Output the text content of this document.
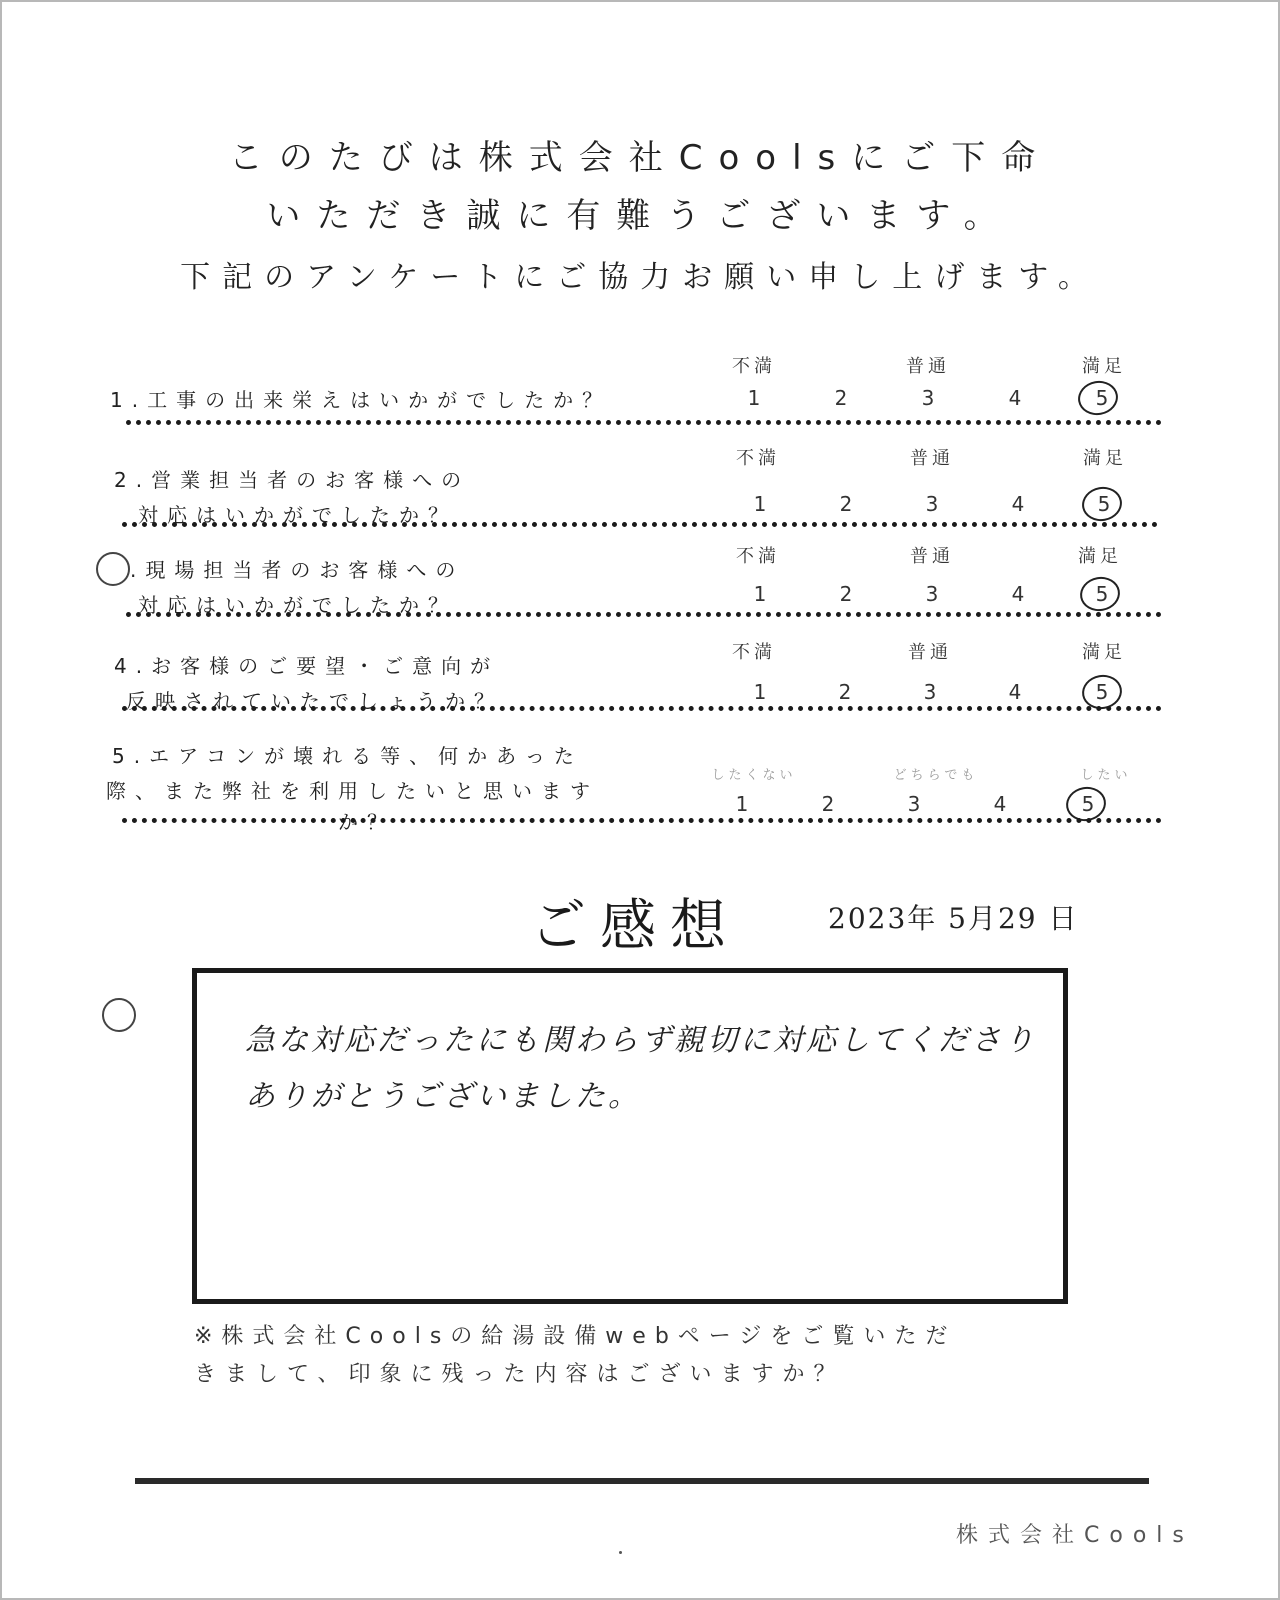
このたびは株式会社Coolsにご下命
いただき誠に有難うございます。
下記のアンケートにご協力お願い申し上げます。
不満	普通	満足
1.工事の出来栄えはいかがでしたか？	1	2	3	4	5
不満	普通	満足
2.営業担当者のお客様への
対応はいかがでしたか？	1	2	3	4	5
不満	普通	満足
.現場担当者のお客様への
対応はいかがでしたか？	1	2	3	4	5
不満	普通	満足
4.お客様のご要望・ご意向が
反映されていたでしょうか？	1	2	3	4	5
5.エアコンが壊れる等、何かあった
際、また弊社を利用したいと思います
か？
したくない	どちらでも	したい
1	2	3	4	5
ご感想	2023年 5月29 日
急な対応だったにも関わらず親切に対応してくださり
ありがとうございました。
※株式会社Coolsの給湯設備webページをご覧いただ
きまして、印象に残った内容はございますか？
株式会社Cools
